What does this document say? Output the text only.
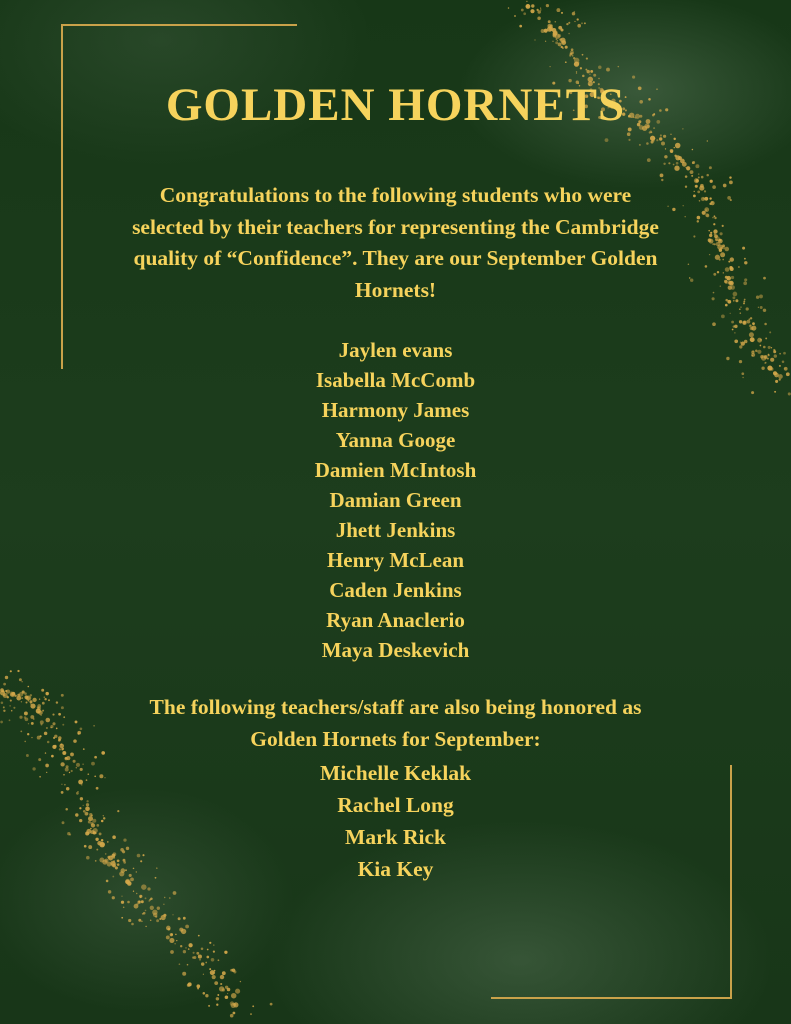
GOLDEN HORNETS
Congratulations to the following students who were
selected by their teachers for representing the Cambridge
quality of “Confidence”. They are our September Golden
Hornets!
Jaylen evans
Isabella McComb
Harmony James
Yanna Googe
Damien McIntosh
Damian Green
Jhett Jenkins
Henry McLean
Caden Jenkins
Ryan Anaclerio
Maya Deskevich
The following teachers/staff are also being honored as
Golden Hornets for September:
Michelle Keklak
Rachel Long
Mark Rick
Kia Key
